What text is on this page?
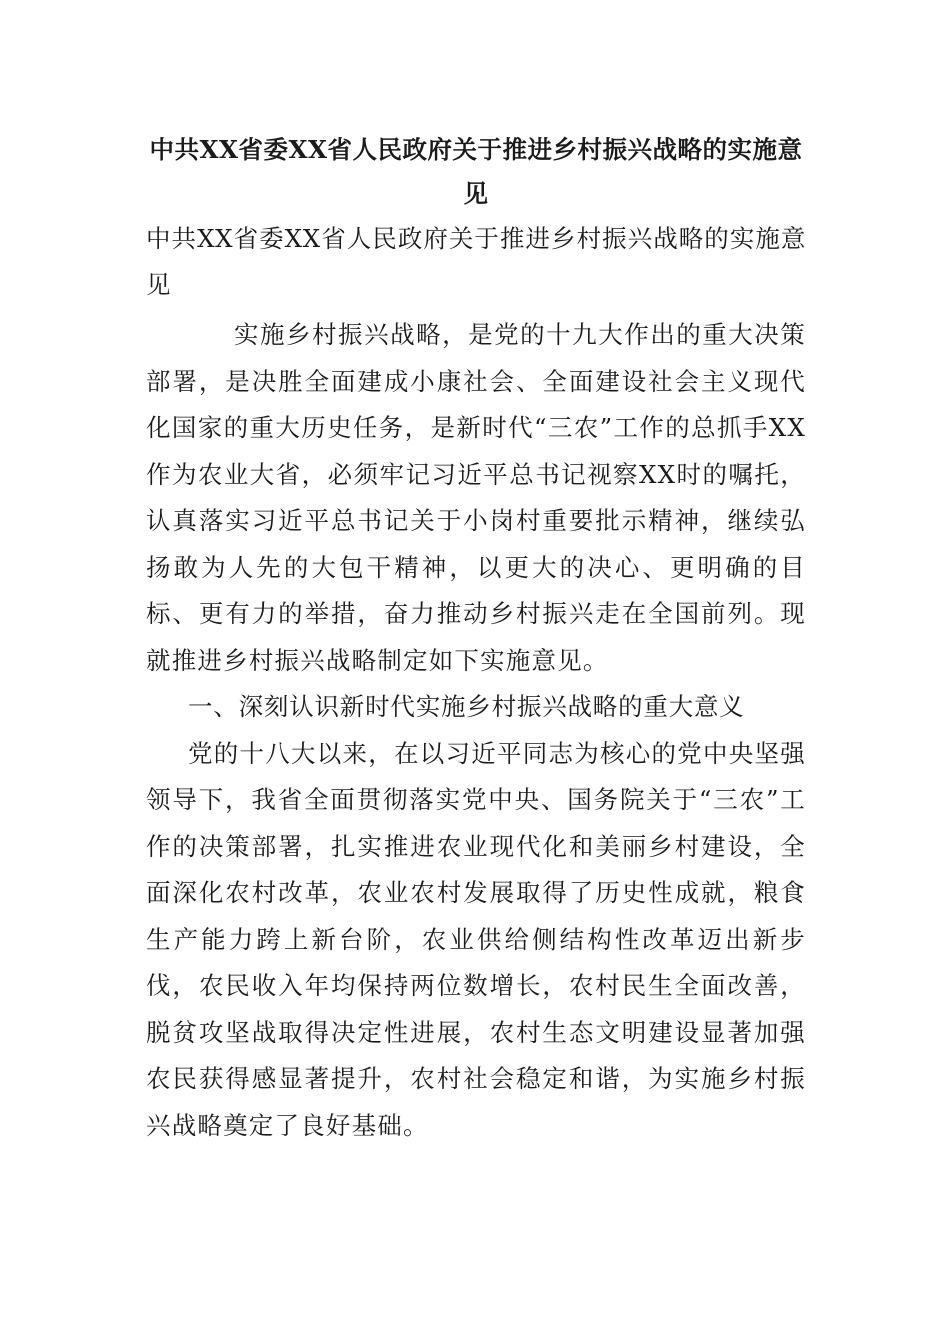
中共XX省委XX省人民政府关于推进乡村振兴战略的实施意见

中共XX省委XX省人民政府关于推进乡村振兴战略的实施意见

实施乡村振兴战略，是党的十九大作出的重大决策部署，是决胜全面建成小康社会、全面建设社会主义现代化国家的重大历史任务，是新时代“三农”工作的总抓手XX作为农业大省，必须牢记习近平总书记视察XX时的嘱托，认真落实习近平总书记关于小岗村重要批示精神，继续弘扬敢为人先的大包干精神，以更大的决心、更明确的目标、更有力的举措，奋力推动乡村振兴走在全国前列。现就推进乡村振兴战略制定如下实施意见。

一、深刻认识新时代实施乡村振兴战略的重大意义

党的十八大以来，在以习近平同志为核心的党中央坚强领导下，我省全面贯彻落实党中央、国务院关于“三农”工作的决策部署，扎实推进农业现代化和美丽乡村建设，全面深化农村改革，农业农村发展取得了历史性成就，粮食生产能力跨上新台阶，农业供给侧结构性改革迈出新步伐，农民收入年均保持两位数增长，农村民生全面改善，脱贫攻坚战取得决定性进展，农村生态文明建设显著加强农民获得感显著提升，农村社会稳定和谐，为实施乡村振兴战略奠定了良好基础。
